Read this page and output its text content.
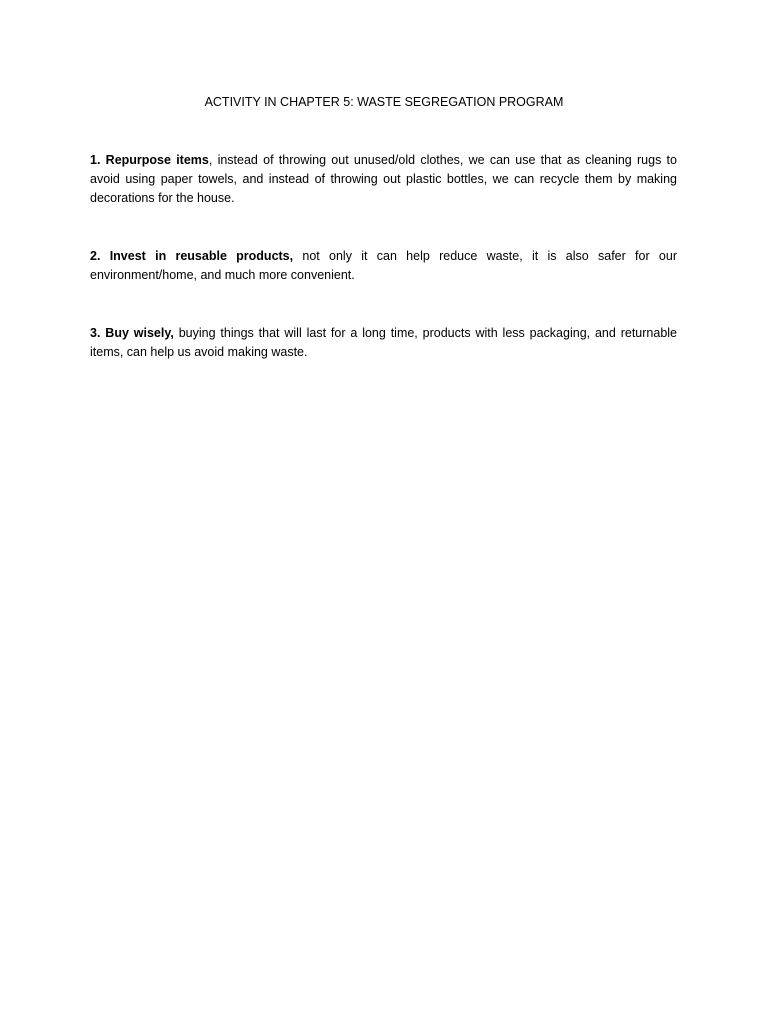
ACTIVITY IN CHAPTER 5: WASTE SEGREGATION PROGRAM

1. Repurpose items, instead of throwing out unused/old clothes, we can use that as cleaning rugs to avoid using paper towels, and instead of throwing out plastic bottles, we can recycle them by making decorations for the house.

2. Invest in reusable products, not only it can help reduce waste, it is also safer for our environment/home, and much more convenient.

3. Buy wisely, buying things that will last for a long time, products with less packaging, and returnable items, can help us avoid making waste.
